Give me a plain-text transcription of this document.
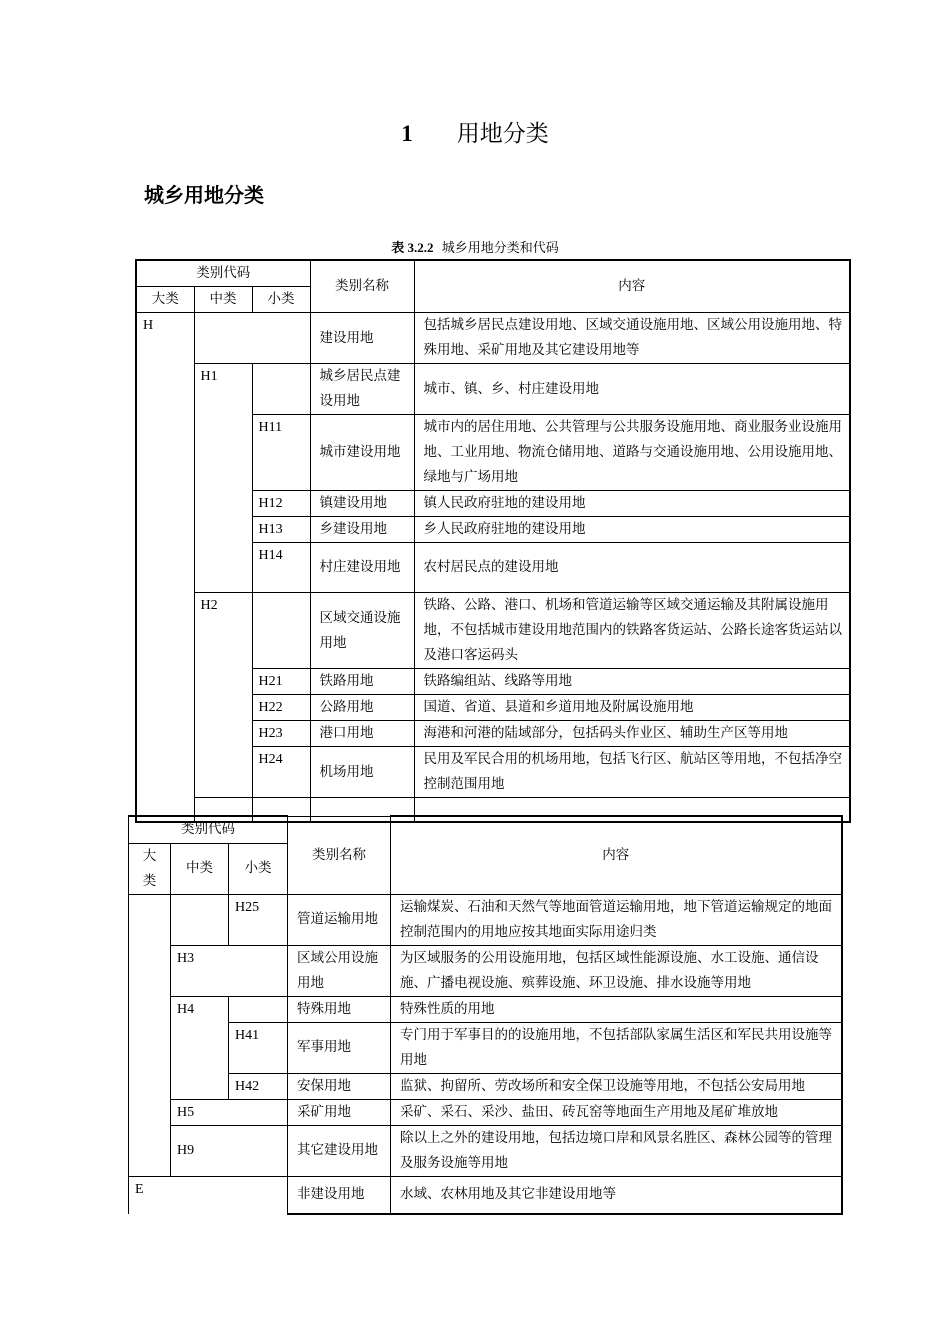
1 用地分类
城乡用地分类
表 3.2.2 城乡用地分类和代码
类别代码			类别名称	内容
大类	中类	小类		
H			建设用地	包括城乡居民点建设用地、区域交通设施用地、区域公用设施用地、特殊用地、采矿用地及其它建设用地等
	H1		城乡居民点建设用地	城市、镇、乡、村庄建设用地
		H11	城市建设用地	城市内的居住用地、公共管理与公共服务设施用地、商业服务业设施用地、工业用地、物流仓储用地、道路与交通设施用地、公用设施用地、绿地与广场用地
		H12	镇建设用地	镇人民政府驻地的建设用地
		H13	乡建设用地	乡人民政府驻地的建设用地
		H14	村庄建设用地	农村居民点的建设用地
	H2		区域交通设施用地	铁路、公路、港口、机场和管道运输等区域交通运输及其附属设施用地，不包括城市建设用地范围内的铁路客货运站、公路长途客货运站以及港口客运码头
		H21	铁路用地	铁路编组站、线路等用地
		H22	公路用地	国道、省道、县道和乡道用地及附属设施用地
		H23	港口用地	海港和河港的陆域部分，包括码头作业区、辅助生产区等用地
		H24	机场用地	民用及军民合用的机场用地，包括飞行区、航站区等用地，不包括净空控制范围用地

类别代码			类别名称	内容
大
类	中类	小类		
		H25	管道运输用地	运输煤炭、石油和天然气等地面管道运输用地，地下管道运输规定的地面控制范围内的用地应按其地面实际用途归类
	H3		区域公用设施用地	为区域服务的公用设施用地，包括区域性能源设施、水工设施、通信设施、广播电视设施、殡葬设施、环卫设施、排水设施等用地
	H4		特殊用地	特殊性质的用地
		H41	军事用地	专门用于军事目的的设施用地，不包括部队家属生活区和军民共用设施等用地
		H42	安保用地	监狱、拘留所、劳改场所和安全保卫设施等用地，不包括公安局用地
	H5		采矿用地	采矿、采石、采沙、盐田、砖瓦窑等地面生产用地及尾矿堆放地
	H9		其它建设用地	除以上之外的建设用地，包括边境口岸和风景名胜区、森林公园等的管理及服务设施等用地
E			非建设用地	水域、农林用地及其它非建设用地等
